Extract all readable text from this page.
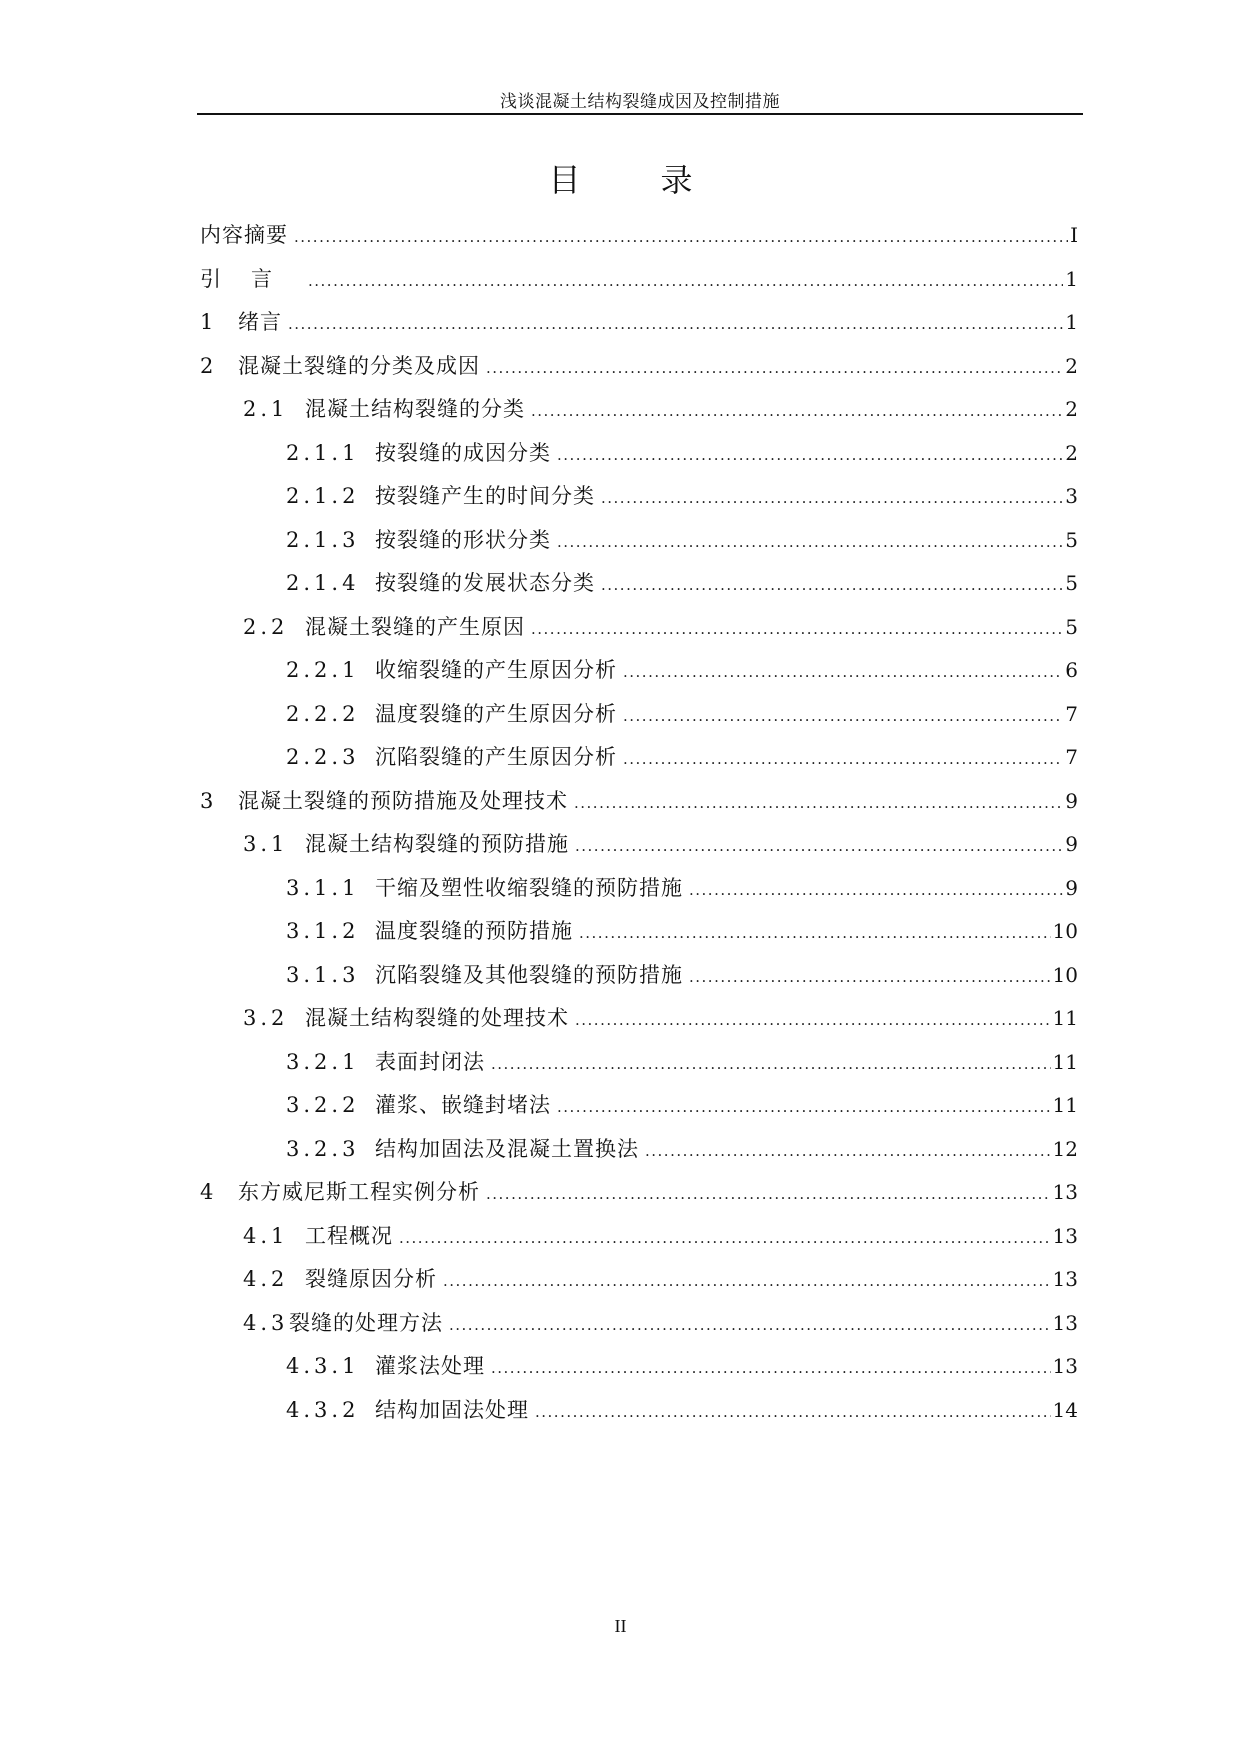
浅谈混凝土结构裂缝成因及控制措施
目录
内容摘要 .....	I
引言 .....	1
1 绪言 .....	1
2 混凝土裂缝的分类及成因 .....	2
2.1 混凝土结构裂缝的分类 .....	2
2.1.1 按裂缝的成因分类 .....	2
2.1.2 按裂缝产生的时间分类 .....	3
2.1.3 按裂缝的形状分类 .....	5
2.1.4 按裂缝的发展状态分类 .....	5
2.2 混凝土裂缝的产生原因 .....	5
2.2.1 收缩裂缝的产生原因分析 .....	6
2.2.2 温度裂缝的产生原因分析 .....	7
2.2.3 沉陷裂缝的产生原因分析 .....	7
3 混凝土裂缝的预防措施及处理技术 .....	9
3.1 混凝土结构裂缝的预防措施 .....	9
3.1.1 干缩及塑性收缩裂缝的预防措施 .....	9
3.1.2 温度裂缝的预防措施 .....	10
3.1.3 沉陷裂缝及其他裂缝的预防措施 .....	10
3.2 混凝土结构裂缝的处理技术 .....	11
3.2.1 表面封闭法 .....	11
3.2.2 灌浆、嵌缝封堵法 .....	11
3.2.3 结构加固法及混凝土置换法 .....	12
4 东方威尼斯工程实例分析 .....	13
4.1 工程概况 .....	13
4.2 裂缝原因分析 .....	13
4.3 裂缝的处理方法 .....	13
4.3.1 灌浆法处理 .....	13
4.3.2 结构加固法处理 .....	14
II
